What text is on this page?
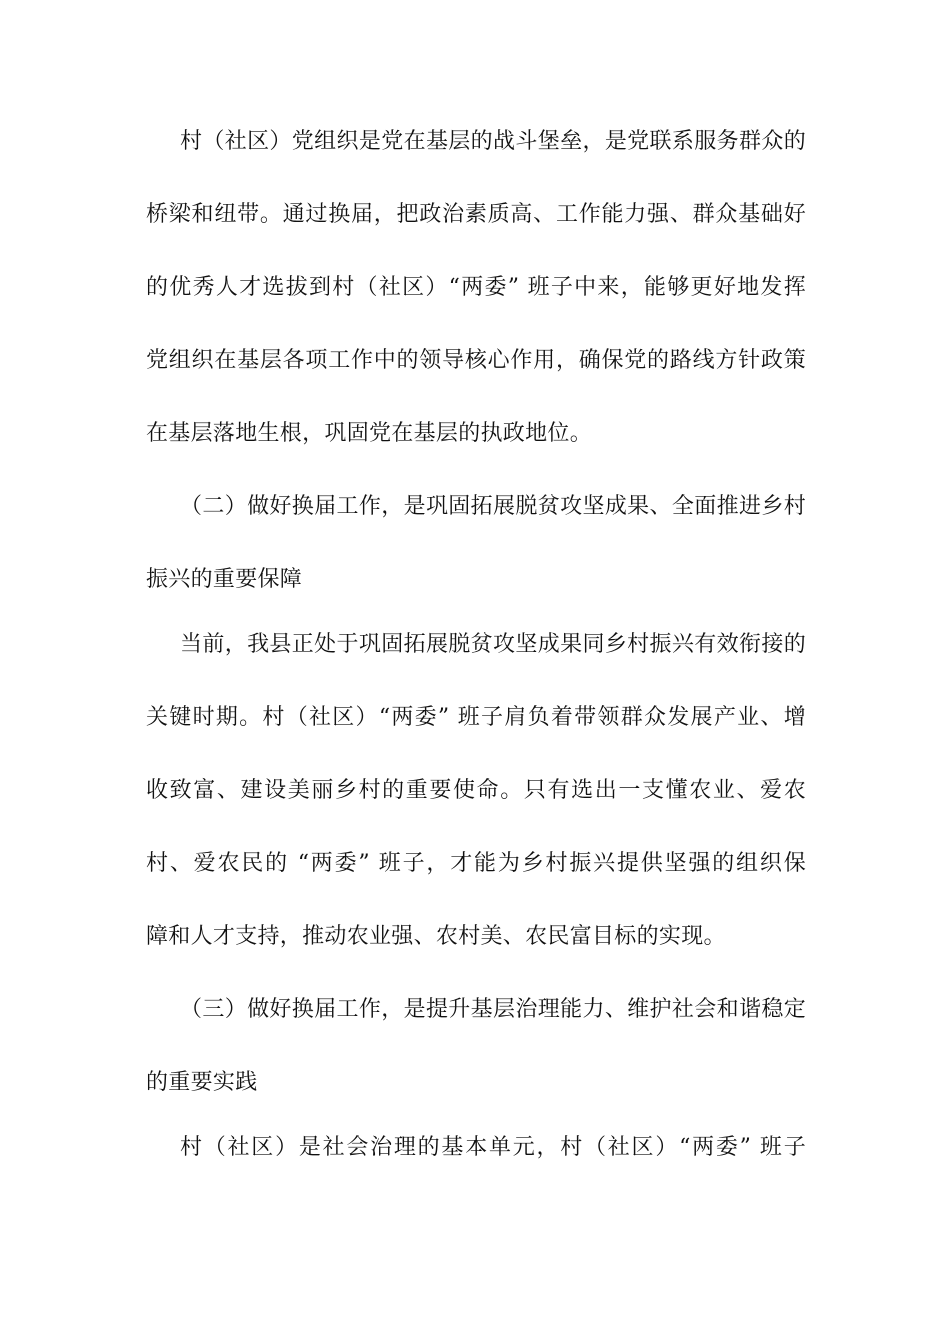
村（社区）党组织是党在基层的战斗堡垒，是党联系服务群众的
桥梁和纽带。通过换届，把政治素质高、工作能力强、群众基础好
的优秀人才选拔到村（社区）“两委” 班子中来，能够更好地发挥
党组织在基层各项工作中的领导核心作用，确保党的路线方针政策
在基层落地生根，巩固党在基层的执政地位。
（二）做好换届工作，是巩固拓展脱贫攻坚成果、全面推进乡村
振兴的重要保障
当前，我县正处于巩固拓展脱贫攻坚成果同乡村振兴有效衔接的
关键时期。村（社区）“两委” 班子肩负着带领群众发展产业、增
收致富、建设美丽乡村的重要使命。只有选出一支懂农业、爱农
村、爱农民的 “两委” 班子，才能为乡村振兴提供坚强的组织保
障和人才支持，推动农业强、农村美、农民富目标的实现。
（三）做好换届工作，是提升基层治理能力、维护社会和谐稳定
的重要实践
村（社区）是社会治理的基本单元，村（社区）“两委” 班子
